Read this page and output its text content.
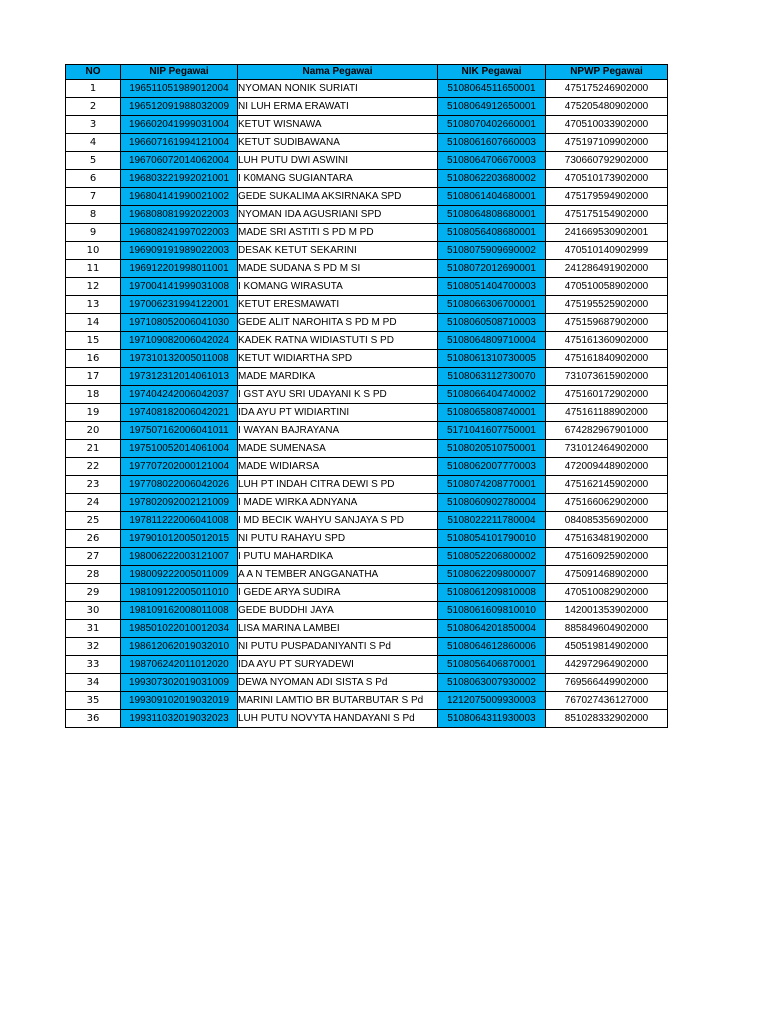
NO	NIP Pegawai	Nama Pegawai	NIK Pegawai	NPWP Pegawai
1	196511051989012004	NYOMAN NONIK SURIATI	5108064511650001	475175246902000
2	196512091988032009	NI LUH ERMA ERAWATI	5108064912650001	475205480902000
3	196602041999031004	KETUT WISNAWA	5108070402660001	470510033902000
4	196607161994121004	KETUT SUDIBAWANA	5108061607660003	475197109902000
5	196706072014062004	LUH PUTU DWI ASWINI	5108064706670003	730660792902000
6	196803221992021001	I K0MANG SUGIANTARA	5108062203680002	470510173902000
7	196804141990021002	GEDE SUKALIMA AKSIRNAKA SPD	5108061404680001	475179594902000
8	196808081992022003	NYOMAN IDA AGUSRIANI SPD	5108064808680001	475175154902000
9	196808241997022003	MADE SRI ASTITI S PD M PD	5108056408680001	241669530902001
10	196909191989022003	DESAK KETUT SEKARINI	5108075909690002	470510140902999
11	196912201998011001	MADE SUDANA S PD M SI	5108072012690001	241286491902000
12	197004141999031008	I KOMANG WIRASUTA	5108051404700003	470510058902000
13	197006231994122001	KETUT ERESMAWATI	5108066306700001	475195525902000
14	197108052006041030	GEDE ALIT NAROHITA S PD M PD	5108060508710003	475159687902000
15	197109082006042024	KADEK RATNA WIDIASTUTI S PD	5108064809710004	475161360902000
16	197310132005011008	KETUT WIDIARTHA SPD	5108061310730005	475161840902000
17	197312312014061013	MADE MARDIKA	5108063112730070	731073615902000
18	197404242006042037	I GST AYU SRI UDAYANI K S PD	5108066404740002	475160172902000
19	197408182006042021	IDA AYU PT WIDIARTINI	5108065808740001	475161188902000
20	197507162006041011	I WAYAN BAJRAYANA	5171041607750001	674282967901000
21	197510052014061004	MADE SUMENASA	5108020510750001	731012464902000
22	197707202000121004	MADE WIDIARSA	5108062007770003	472009448902000
23	197708022006042026	LUH PT INDAH CITRA DEWI S PD	5108074208770001	475162145902000
24	197802092002121009	I MADE WIRKA ADNYANA	5108060902780004	475166062902000
25	197811222006041008	I MD BECIK WAHYU SANJAYA S PD	5108022211780004	084085356902000
26	197901012005012015	NI PUTU RAHAYU SPD	5108054101790010	475163481902000
27	198006222003121007	I PUTU MAHARDIKA	5108052206800002	475160925902000
28	198009222005011009	A A N TEMBER ANGGANATHA	5108062209800007	475091468902000
29	198109122005011010	I GEDE ARYA SUDIRA	5108061209810008	470510082902000
30	198109162008011008	GEDE BUDDHI JAYA	5108061609810010	142001353902000
31	198501022010012034	LISA MARINA LAMBEI	5108064201850004	885849604902000
32	198612062019032010	NI PUTU PUSPADANIYANTI S Pd	5108064612860006	450519814902000
33	198706242011012020	IDA AYU PT SURYADEWI	5108056406870001	442972964902000
34	199307302019031009	DEWA NYOMAN ADI SISTA S Pd	5108063007930002	769566449902000
35	199309102019032019	MARINI LAMTIO BR BUTARBUTAR S Pd	1212075009930003	767027436127000
36	199311032019032023	LUH PUTU NOVYTA HANDAYANI S Pd	5108064311930003	851028332902000
